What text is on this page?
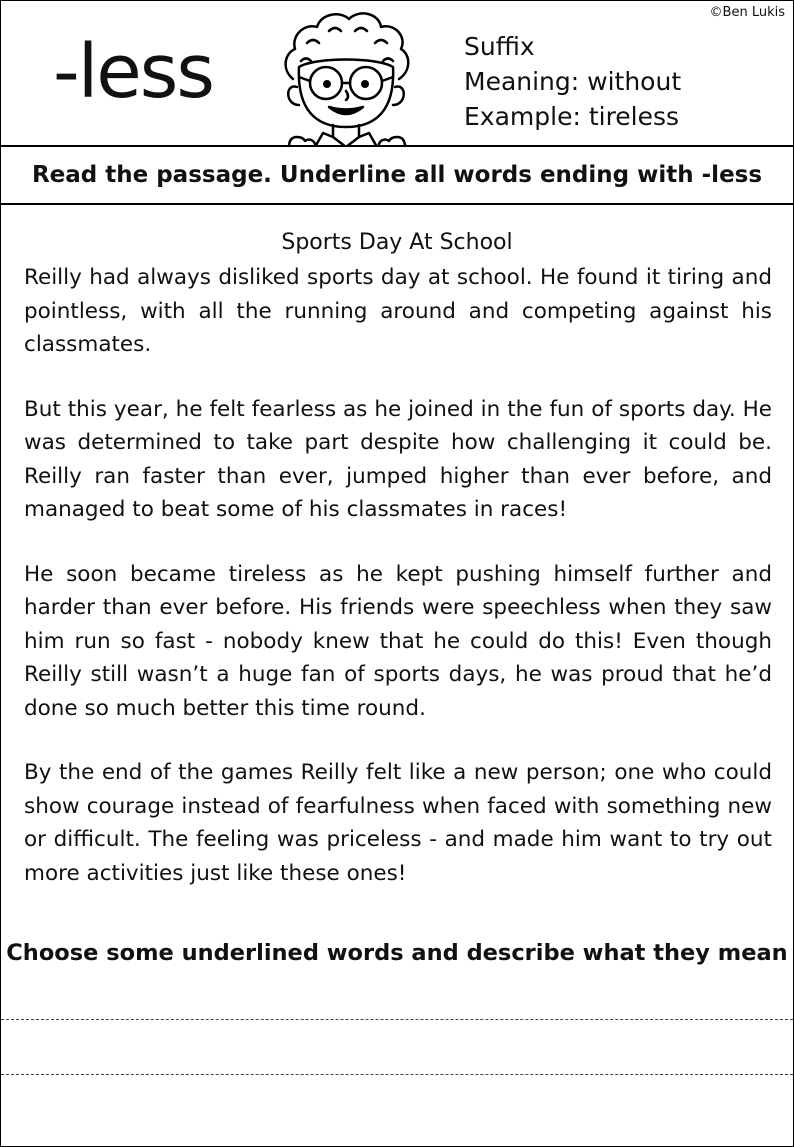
©Ben Lukis
-less	Suffix
Meaning: without
Example: tireless
Read the passage. Underline all words ending with -less
Sports Day At School

Reilly had always disliked sports day at school. He found it tiring and pointless, with all the running around and competing against his classmates.

But this year, he felt fearless as he joined in the fun of sports day. He was determined to take part despite how challenging it could be. Reilly ran faster than ever, jumped higher than ever before, and managed to beat some of his classmates in races!

He soon became tireless as he kept pushing himself further and harder than ever before. His friends were speechless when they saw him run so fast - nobody knew that he could do this! Even though Reilly still wasn’t a huge fan of sports days, he was proud that he’d done so much better this time round.

By the end of the games Reilly felt like a new person; one who could show courage instead of fearfulness when faced with something new or difficult. The feeling was priceless - and made him want to try out more activities just like these ones!

Choose some underlined words and describe what they mean
